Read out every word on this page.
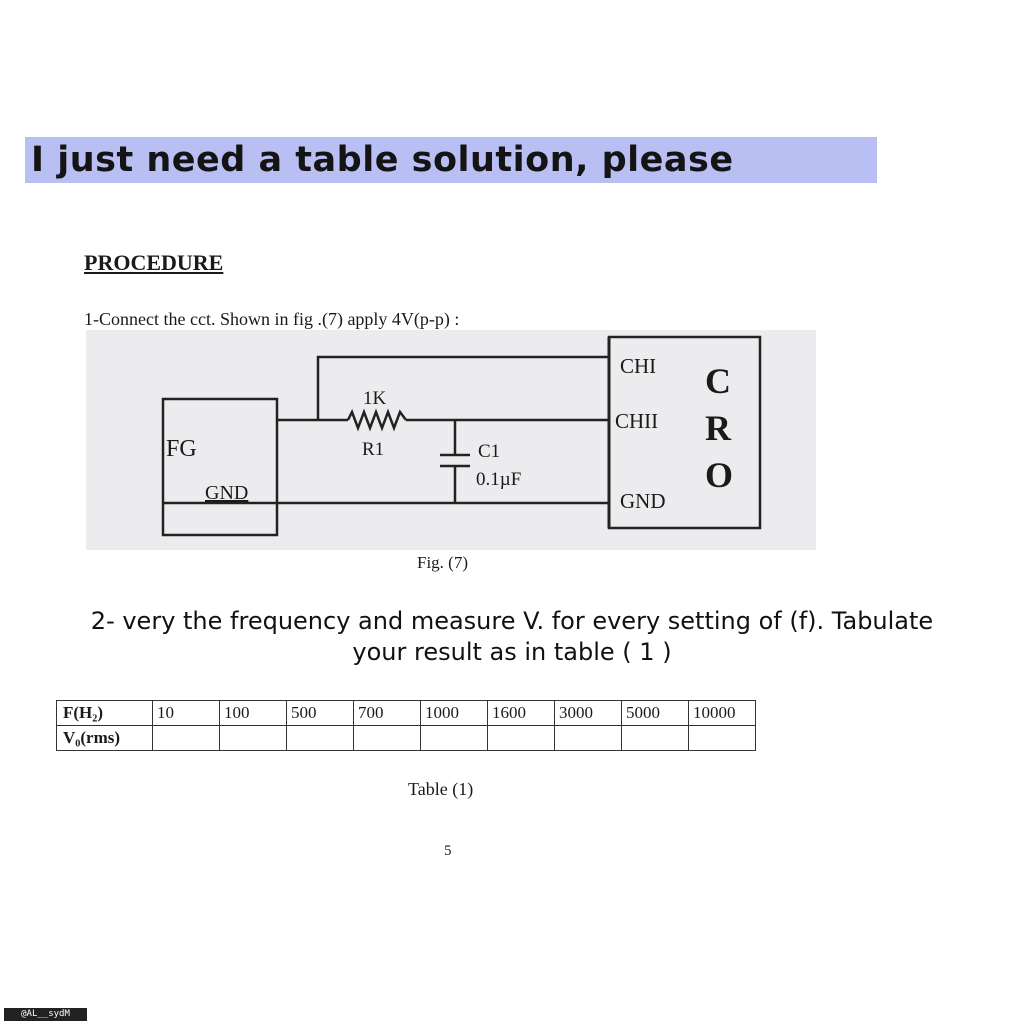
I just need a table solution, please
PROCEDURE
1-Connect the cct. Shown in fig .(7) apply 4V(p-p) :
FG
GND
1K
R1	C1
0.1µF
CHI
CHII
GND
C
R
O
Fig. (7)
2- very the frequency and measure V. for every setting of (f). Tabulate
your result as in table ( 1 )
F(H₂)	10	100	500	700	1000	1600	3000	5000	10000
V₀(rms)									
Table (1)
5
@AL__sydM
